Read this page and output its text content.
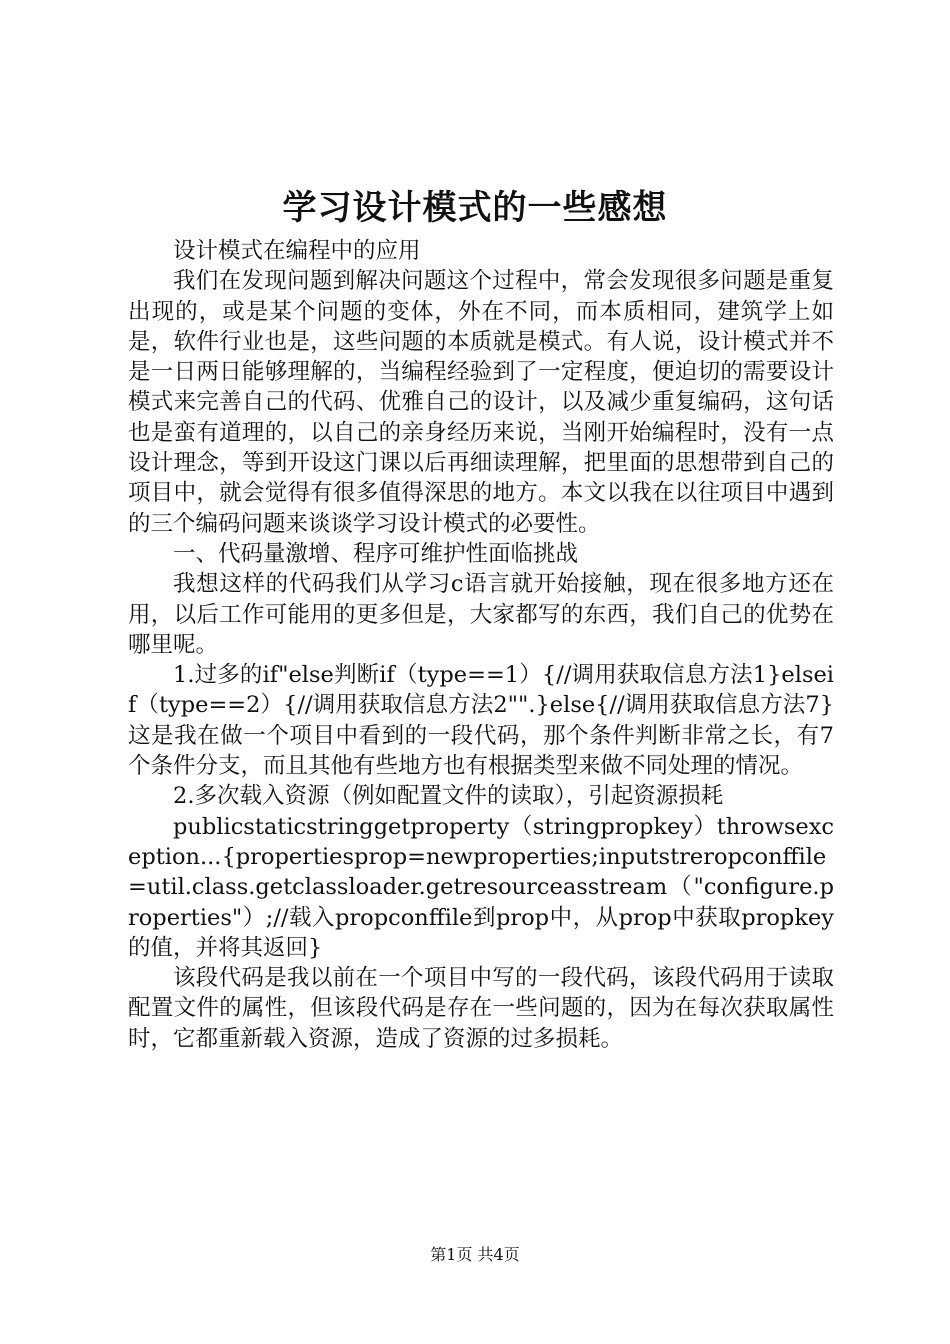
学习设计模式的一些感想

设计模式在编程中的应用

我们在发现问题到解决问题这个过程中，常会发现很多问题是重复出现的，或是某个问题的变体，外在不同，而本质相同，建筑学上如是，软件行业也是，这些问题的本质就是模式。有人说，设计模式并不是一日两日能够理解的，当编程经验到了一定程度，便迫切的需要设计模式来完善自己的代码、优雅自己的设计，以及减少重复编码，这句话也是蛮有道理的，以自己的亲身经历来说，当刚开始编程时，没有一点设计理念，等到开设这门课以后再细读理解，把里面的思想带到自己的项目中，就会觉得有很多值得深思的地方。本文以我在以往项目中遇到的三个编码问题来谈谈学习设计模式的必要性。

一、代码量激增、程序可维护性面临挑战

我想这样的代码我们从学习c语言就开始接触，现在很多地方还在用，以后工作可能用的更多但是，大家都写的东西，我们自己的优势在哪里呢。

1.过多的if"else判断if（type==1）{//调用获取信息方法1}elseif（type==2）{//调用获取信息方法2"".}else{//调用获取信息方法7}这是我在做一个项目中看到的一段代码，那个条件判断非常之长，有7个条件分支，而且其他有些地方也有根据类型来做不同处理的情况。

2.多次载入资源（例如配置文件的读取），引起资源损耗

publicstaticstringgetproperty（stringpropkey）throwsexception...{propertiesprop=newproperties;inputstreropconffile=util.class.getclassloader.getresourceasstream（"configure.properties"）;//载入propconffile到prop中，从prop中获取propkey的值，并将其返回}

该段代码是我以前在一个项目中写的一段代码，该段代码用于读取配置文件的属性，但该段代码是存在一些问题的，因为在每次获取属性时，它都重新载入资源，造成了资源的过多损耗。

第1页 共4页
